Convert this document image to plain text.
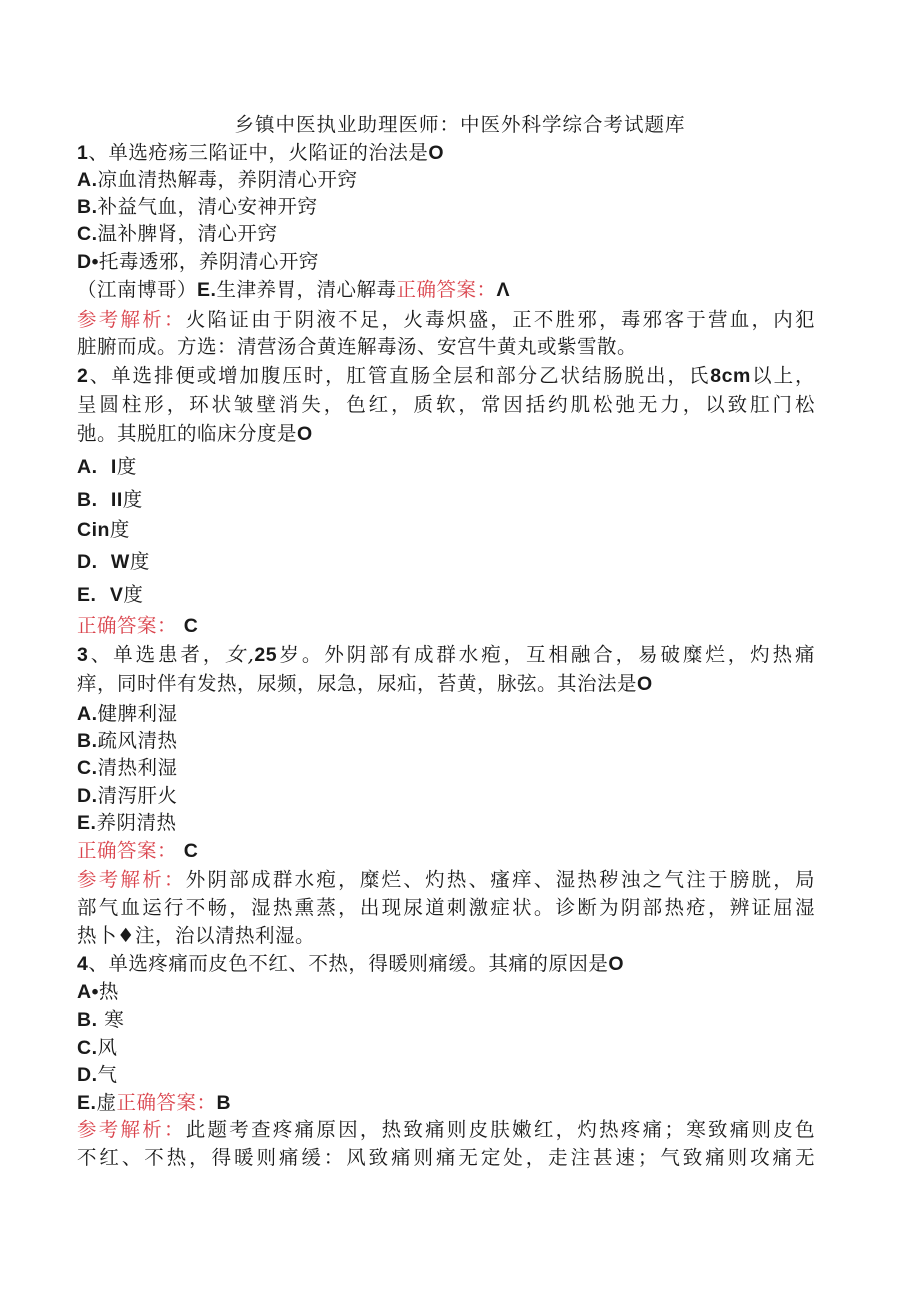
乡镇中医执业助理医师：中医外科学综合考试题库
1、单选疮疡三陷证中，火陷证的治法是O
A.凉血清热解毒，养阴清心开窍
B.补益气血，清心安神开窍
C.温补脾肾，清心开窍
D•托毒透邪，养阴清心开窍
（江南博哥）E.生津养胃，清心解毒正确答案：Λ
参考解析：火陷证由于阴液不足，火毒炽盛，正不胜邪，毒邪客于营血，内犯
脏腑而成。方选：清营汤合黄连解毒汤、安宫牛黄丸或紫雪散。
2、单选排便或增加腹压时，肛管直肠全层和部分乙状结肠脱出，氏8cm以上，
呈圆柱形，环状皱壁消失，色红，质软，常因括约肌松弛无力，以致肛门松
弛。其脱肛的临床分度是O
A. I度
B. II度
Cin度
D. W度
E. V度
正确答案： C
3、单选患者，女,25岁。外阴部有成群水疱，互相融合，易破糜烂，灼热痛
痒，同时伴有发热，尿频，尿急，尿疝，苔黄，脉弦。其治法是O
A.健脾利湿
B.疏风清热
C.清热利湿
D.清泻肝火
E.养阴清热
正确答案： C
参考解析：外阴部成群水疱，糜烂、灼热、瘙痒、湿热秽浊之气注于膀胱，局
部气血运行不畅，湿热熏蒸，出现尿道刺激症状。诊断为阴部热疮，辨证屈湿
热卜♦注，治以清热利湿。
4、单选疼痛而皮色不红、不热，得暖则痛缓。其痛的原因是O
A•热
B. 寒
C.风
D.气
E.虚正确答案：B
参考解析：此题考查疼痛原因，热致痛则皮肤嫩红，灼热疼痛；寒致痛则皮色
不红、不热，得暖则痛缓：风致痛则痛无定处，走注甚速；气致痛则攻痛无
